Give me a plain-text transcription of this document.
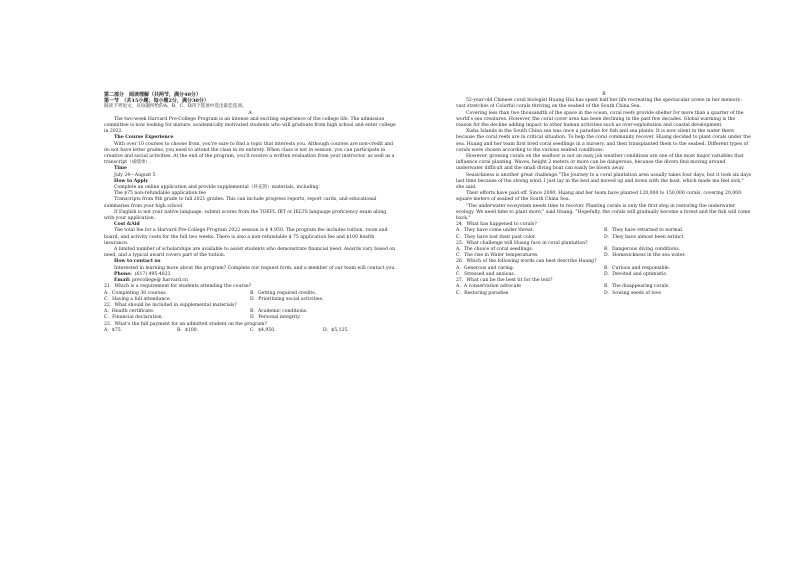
第二部分　阅读理解（共两节，满分40分）

第一节　（共15小题；每小题2分，满分30分）

阅读下列短文，从每题所给的A、B、C、D四个选项中选出最佳选项。

A

The two-week Harvard Pre-College Program is an intense and exciting experience of the college life. The admission committee is now looking for mature, academically motivated students who will graduate from high school and enter college in 2022.

The Course Experience

With over 10 courses to choose from, you're sure to find a topic that interests you. Although courses are non-credit and do not have letter grades, you need to attend the class in its entirety. When class is not in session, you can participate in creative and social activities. At the end of the program, you'll receive a written evaluation from your instructor, as well as a transcript（成绩单）.

Time

July 24—August 5

How to Apply

Complete an online application and provide supplemental（补充的）materials, including：

The $75 non-refundable application fee

Transcripts from 9th grade to fall 2021 grades: This can include progress reports, report cards, and educational summaries from your high school

If English is not your native language, submit scores from the TOEFL IBT or IELTS language proficiency exam along with your application.

Cost &Aid

The total fee for a Harvard Pre-College Program 2022 session is $ 4,950. The program fee includes tuition, room and board, and activity costs for the full two weeks. There is also a non-refundable $ 75 application fee and $100 health insurance.

A limited number of scholarships are available to assist students who demonstrate financial need. Awards vary based on need, and a typical award covers part of the tuition.

How to contact us

Interested in learning more about the program? Complete our request form, and a member of our team will contact you.

Phone: (617) 495-4023

Email: precollege@ harvard.cn

21．Which is a requirement for students attending the course?

A．Completing 30 courses.	B．Getting required credits.
C．Having a full attendance.	D．Prioritizing social activities.

22．What should be included in supplemental materials?

A．Health certificate.	B．Academic conditions.
C．Financial declaration.	D．Personal integrity.

23．What's the full payment for an admitted student on the program?

A．$75.	B．$100.	C．$4,950.	D．$5,125.

B

52-year-old Chinese coral biologist Huang Hui has spent half her life recreating the spectacular scene in her memory: vast stretches of Colorful corals thriving on the seabed of the South China Sea.

Covering less than two thousandth of the space in the ocean, coral reefs provide shelter for more than a quarter of the world's sea creatures. However, the coral cover area has been declining in the past few decades. Global warming is the reason for the decline adding impact to other human activities such as over-exploitation and coastal development.

Xisha Islands in the South China sea was once a paradise for fish and sea plants. It is now silent in the water there because the coral reefs are in critical situation. To help the coral community recover, Huang decided to plant corals under the sea. Huang and her team first bred coral seedlings in a nursery, and then transplanted them to the seabed. Different types of corals were chosen according to the various seabed conditions.

However, growing corals on the seafloor is not an easy job weather conditions are one of the most major variables that influence coral planting. Waves, height 2 meters or more can be dangerous, because the divers find moving around underwater difficult and the small diving boat can easily be blown away.

Seasickness is another great challenge."The journey to a coral plantation area usually takes four days, but it took six days last time because of the strong wind. I just lay in the bed and moved up and down with the boat, which made me feel sick," she said.

Their efforts have paid off. Since 2000, Huang and her team have planted 120,000 to 150,000 corals, covering 20,000 square meters of seabed of the South China Sea.

"The underwater ecosystem needs time to recover. Planting corals is only the first step in restoring the underwater ecology. We need time to plant more," said Huang. "Hopefully, the corals will gradually become a forest and the fish will come back."

24．What has happened to corals?

A．They have come under threat.	B．They have returned to normal.
C．They have lost their past color.	D．They have almost been extinct.

25．What challenge will Huang face in coral plantation?

A．The choice of coral seedlings.	B．Dangerous diving conditions.
C．The rise in Water temperatures.	D．Homesickness in the sea water.

26．Which of the following words can best describe Huang?

A．Generous and caring.	B．Curious and responsible.
C．Stressed and anxious.	D．Devoted and optimistic.

27．What can be the best tit for the text?

A．A conservation advocate	B．The disappearing corals
C．Restoring paradise	D．Sowing seeds of love
